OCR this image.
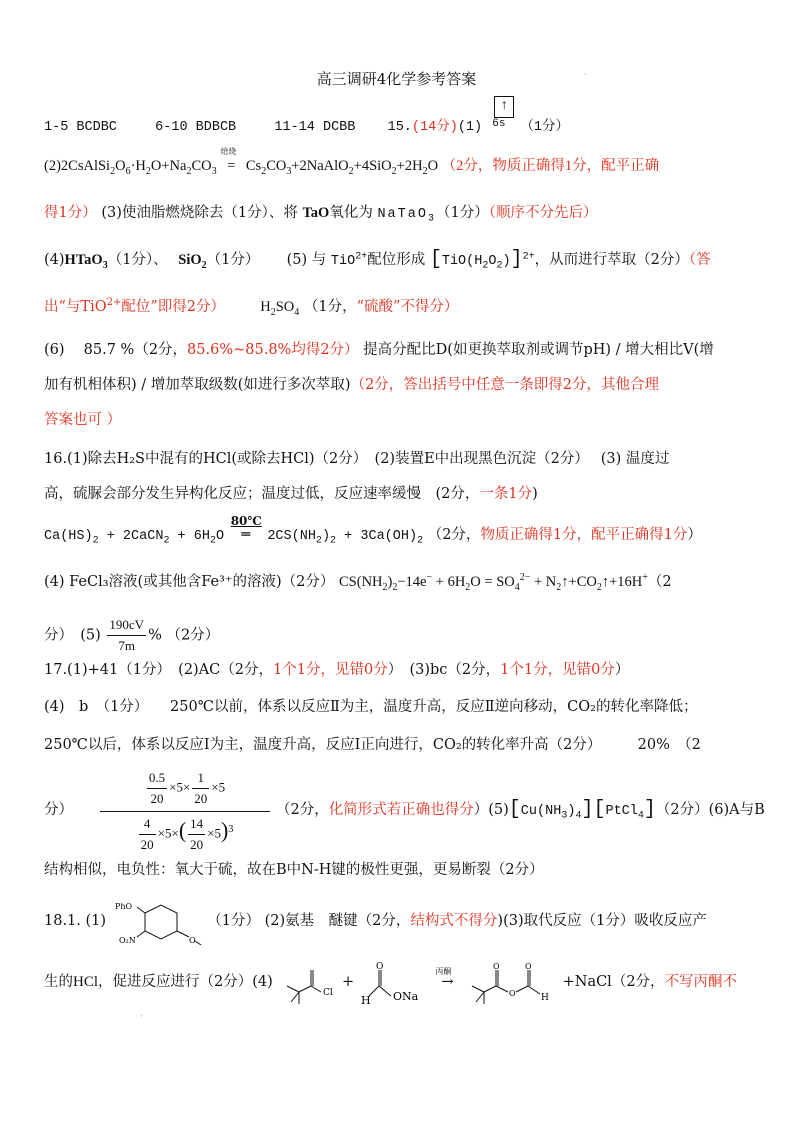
高三调研4化学参考答案	·
1-5 BCDBC	6-10 BDBCB	11-14 DCBB 15.(14分)(1)
↑
6s （1分）
$(2)2CsAlSi_2O_6\cdot H_2O+Na_2CO_3$
焙烧
= $Cs_2CO_3+2NaAlO_2+4SiO_2+2H_2O$ （2分，物质正确得1分，配平正确
得1分） (3)使油脂燃烧除去（1分）、将 TaO氧化为 NaTaO$_3$（1分）（顺序不分先后）
(4)HTaO$_3$（1分）、 SiO$_2$（1分） (5) 与 TiO$^{2+}$配位形成 $[TiO(H_2O_2)]^{2+}$，从而进行萃取（2分）（答
出“与TiO$^{2+}$配位”即得2分） $H_2SO_4$ （1分，“硫酸”不得分）
(6)　 85.7 %（2分，85.6%~85.8%均得2分） 提高分配比D(如更换萃取剂或调节pH) / 增大相比V(增
加有机相体积) / 增加萃取级数(如进行多次萃取)（2分，答出括号中任意一条即得2分，其他合理
答案也可 ）
16.(1)除去H₂S中混有的HCl(或除去HCl)（2分）　(2)装置E中出现黑色沉淀（2分）　 (3) 温度过
高，硫脲会部分发生异构化反应；温度过低，反应速率缓慢　(2分，一条1分)
$Ca(HS)_2$ + 2CaCN$_2$ + $6H_2O$
80℃
═ $2CS(NH_2)_2 + 3Ca(OH)_2$ （2分，物质正确得1分，配平正确得1分）
(4) FeCl₃溶液(或其他含Fe³⁺的溶液)（2分） $CS(NH_2)_2-14e^- + 6H_2O = SO_4^{2-}$ + $N_2↑+CO_2↑+16H^+(2$
分）　$(5) \frac{190cV}{7m}$ % （2分）
17.(1)+41（1分）　(2)AC（2分，1个1分，见错0分）　(3)bc（2分，1个1分，见错0分）
(4)　b　（1分）　　250℃以前，体系以反应Ⅱ为主，温度升高，反应Ⅱ逆向移动，CO₂的转化率降低；
250℃以后，体系以反应Ⅰ为主，温度升高，反应Ⅰ正向进行，CO₂的转化率升高（2分）　　　20%　（2
分）
$\frac{0.5}{20} \times 5\times \frac{1}{20} \times 5$
$\frac{4}{20} \times 5\times( \frac{14}{20} \times 5)^3$
（2分，化简形式若正确也得分）$(5)[Cu(NH_3)_4][PtCl_4](2$分）(6)A与B
结构相似，电负性：氧大于硫，故在B中N-H键的极性更强，更易断裂（2分）
18.1. (1)
PhO
O₂N	O
（1分） (2)氨基　醚键（2分，结构式不得分)(3)取代反应（1分）吸收反应产
生的HCl，促进反应进行（2分）(4)
Cl
+
O
H ONa

丙酮
→
O
O
O
H
+NaCl（2分，不写丙酮不
·
